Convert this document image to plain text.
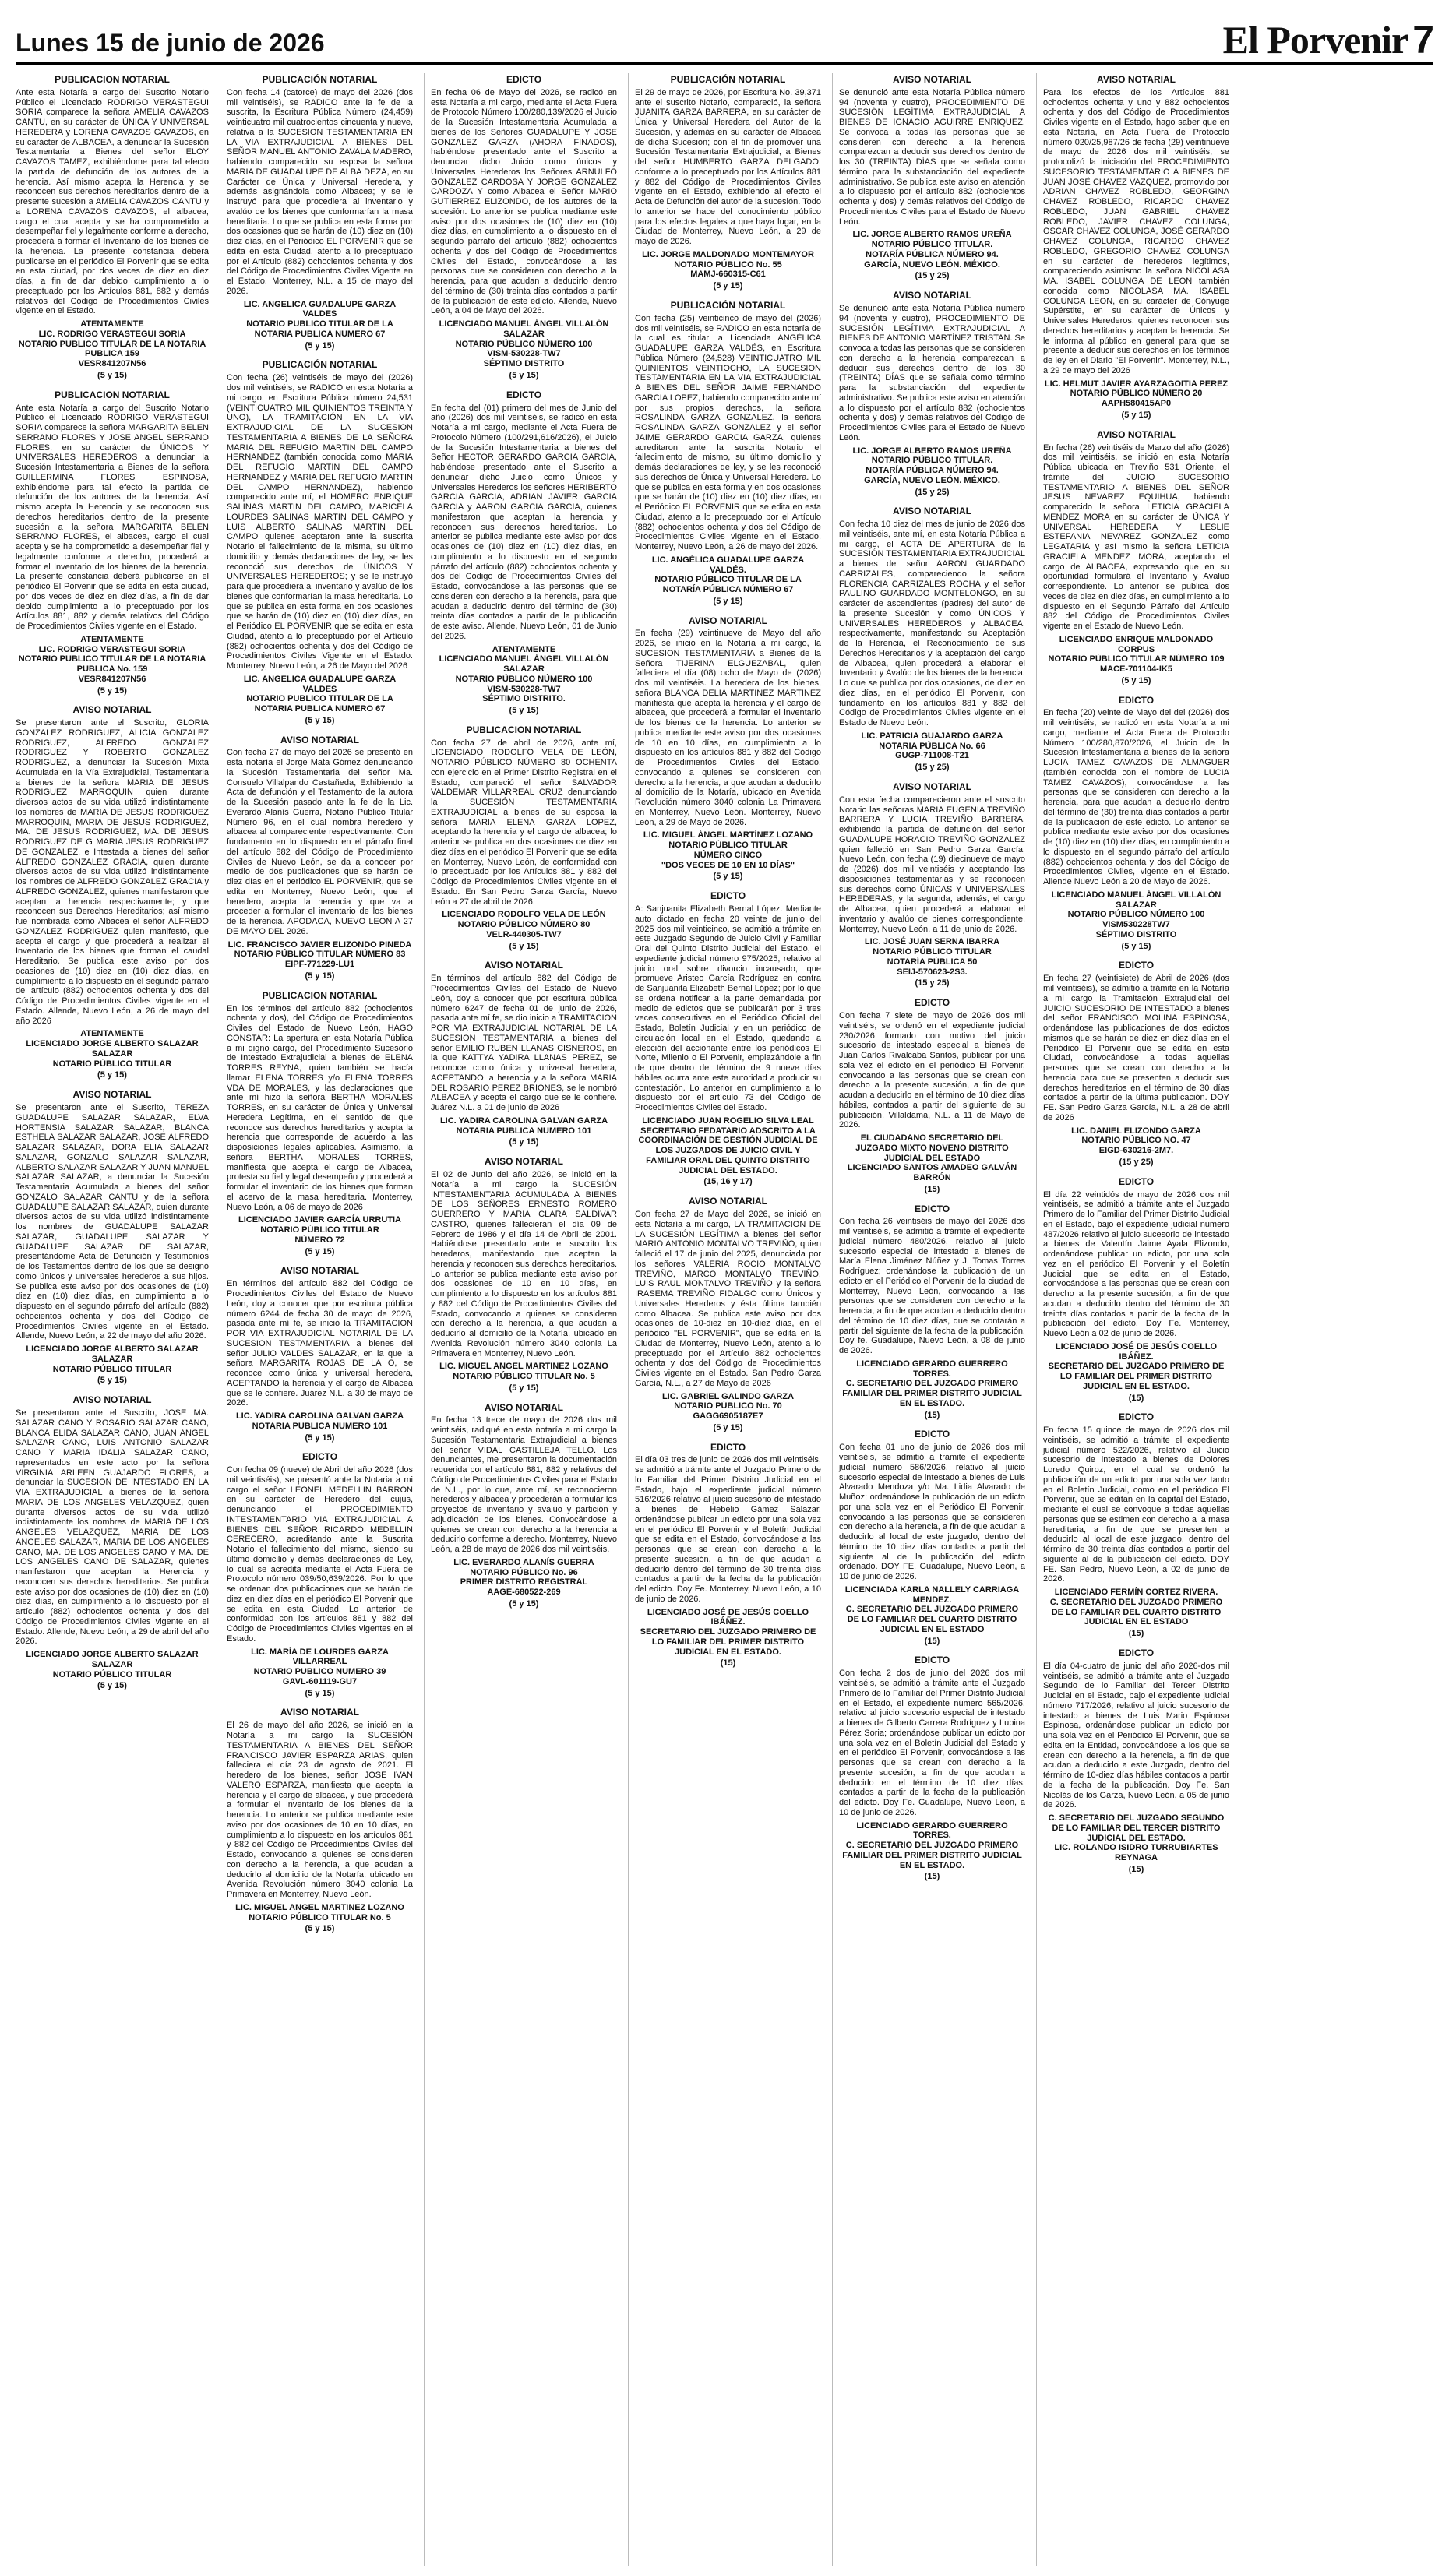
Lunes 15 de junio de 2026	El Porvenir 7
PUBLICACION NOTARIAL
Ante esta Notaría a cargo del Suscrito Notario Público el Licenciado RODRIGO VERASTEGUI SORIA comparece la señora AMELIA CAVAZOS CANTU, en su carácter de ÚNICA Y UNIVERSAL HEREDERA y LORENA CAVAZOS CAVAZOS, en su carácter de ALBACEA, a denunciar la Sucesión Testamentaria a Bienes del señor ELOY CAVAZOS TAMEZ, exhibiéndome para tal efecto la partida de defunción de los autores de la herencia. Así mismo acepta la Herencia y se reconocen sus derechos hereditarios dentro de la presente sucesión a AMELIA CAVAZOS CANTU y a LORENA CAVAZOS CAVAZOS, el albacea, cargo el cual acepta y se ha comprometido a desempeñar fiel y legalmente conforme a derecho, procederá a formar el Inventario de los bienes de la herencia. La presente constancia deberá publicarse en el periódico El Porvenir que se edita en esta ciudad, por dos veces de diez en diez días, a fin de dar debido cumplimiento a lo preceptuado por los Artículos 881, 882 y demás relativos del Código de Procedimientos Civiles vigente en el Estado.
ATENTAMENTE
LIC. RODRIGO VERASTEGUI SORIA
NOTARIO PUBLICO TITULAR DE LA NOTARIA PUBLICA 159
VESR841207N56
(5 y 15)
PUBLICACION NOTARIAL
Ante esta Notaría a cargo del Suscrito Notario Público el Licenciado RODRIGO VERASTEGUI SORIA comparece la señora MARGARITA BELEN SERRANO FLORES Y JOSE ANGEL SERRANO FLORES, en su carácter de ÚNICOS Y UNIVERSALES HEREDEROS a denunciar la Sucesión Intestamentaria a Bienes de la señora GUILLERMINA FLORES ESPINOSA, exhibiéndome para tal efecto la partida de defunción de los autores de la herencia. Así mismo acepta la Herencia y se reconocen sus derechos hereditarios dentro de la presente sucesión a la señora MARGARITA BELEN SERRANO FLORES, el albacea, cargo el cual acepta y se ha comprometido a desempeñar fiel y legalmente conforme a derecho, procederá a formar el Inventario de los bienes de la herencia. La presente constancia deberá publicarse en el periódico El Porvenir que se edita en esta ciudad, por dos veces de diez en diez días, a fin de dar debido cumplimiento a lo preceptuado por los Artículos 881, 882 y demás relativos del Código de Procedimientos Civiles vigente en el Estado.
ATENTAMENTE
LIC. RODRIGO VERASTEGUI SORIA
NOTARIO PUBLICO TITULAR DE LA NOTARIA PUBLICA No. 159
VESR841207N56
(5 y 15)
AVISO NOTARIAL
Se presentaron ante el Suscrito, GLORIA GONZALEZ RODRIGUEZ, ALICIA GONZALEZ RODRIGUEZ, ALFREDO GONZALEZ RODRIGUEZ Y ROBERTO GONZALEZ RODRIGUEZ, a denunciar la Sucesión Mixta Acumulada en la Vía Extrajudicial, Testamentaria a bienes de la señora MARIA DE JESUS RODRIGUEZ MARROQUIN quien durante diversos actos de su vida utilizó indistintamente los nombres de MARIA DE JESUS RODRIGUEZ MARROQUIN, MARIA DE JESUS RODRIGUEZ, MA. DE JESUS RODRIGUEZ, MA. DE JESUS RODRIGUEZ DE G MARIA JESUS RODRIGUEZ DE GONZALEZ, e Intestada a bienes del señor ALFREDO GONZALEZ GRACIA, quien durante diversos actos de su vida utilizó indistintamente los nombres de ALFREDO GONZALEZ GRACIA y ALFREDO GONZALEZ, quienes manifestaron que aceptan la herencia respectivamente; y que reconocen sus Derechos Hereditarios; así mismo fue nombrada como Albacea el señor ALFREDO GONZALEZ RODRIGUEZ quien manifestó, que acepta el cargo y que procederá a realizar el Inventario de los bienes que forman el caudal Hereditario. Se publica este aviso por dos ocasiones de (10) diez en (10) diez días, en cumplimiento a lo dispuesto en el segundo párrafo del artículo (882) ochocientos ochenta y dos del Código de Procedimientos Civiles vigente en el Estado. Allende, Nuevo León, a 26 de mayo del año 2026
ATENTAMENTE
LICENCIADO JORGE ALBERTO SALAZAR SALAZAR
NOTARIO PÚBLICO TITULAR
(5 y 15)
AVISO NOTARIAL
Se presentaron ante el Suscrito, TEREZA GUADALUPE SALAZAR SALAZAR, ELVA HORTENSIA SALAZAR SALAZAR, BLANCA ESTHELA SALAZAR SALAZAR, JOSE ALFREDO SALAZAR SALAZAR, DORA ELIA SALAZAR SALAZAR, GONZALO SALAZAR SALAZAR, ALBERTO SALAZAR SALAZAR Y JUAN MANUEL SALAZAR SALAZAR, a denunciar la Sucesión Testamentaria Acumulada a bienes del señor GONZALO SALAZAR CANTU y de la señora GUADALUPE SALAZAR SALAZAR, quien durante diversos actos de su vida utilizó indistintamente los nombres de GUADALUPE SALAZAR SALAZAR, GUADALUPE SALAZAR Y GUADALUPE SALAZAR DE SALAZAR, presentándome Acta de Defunción y Testimonios de los Testamentos dentro de los que se designó como únicos y universales herederos a sus hijos. Se publica este aviso por dos ocasiones de (10) diez en (10) diez días, en cumplimiento a lo dispuesto en el segundo párrafo del artículo (882) ochocientos ochenta y dos del Código de Procedimientos Civiles vigente en el Estado. Allende, Nuevo León, a 22 de mayo del año 2026.
LICENCIADO JORGE ALBERTO SALAZAR SALAZAR
NOTARIO PÚBLICO TITULAR
(5 y 15)
AVISO NOTARIAL
Se presentaron ante el Suscrito, JOSE MA. SALAZAR CANO Y ROSARIO SALAZAR CANO, BLANCA ELIDA SALAZAR CANO, JUAN ANGEL SALAZAR CANO, LUIS ANTONIO SALAZAR CANO Y MARIA IDALIA SALAZAR CANO, representados en este acto por la señora VIRGINIA ARLEEN GUAJARDO FLORES, a denunciar la SUCESION DE INTESTADO EN LA VIA EXTRAJUDICIAL a bienes de la señora MARIA DE LOS ANGELES VELAZQUEZ, quien durante diversos actos de su vida utilizó indistintamente los nombres de MARIA DE LOS ANGELES VELAZQUEZ, MARIA DE LOS ANGELES SALAZAR, MARIA DE LOS ANGELES CANO, MA. DE LOS ANGELES CANO Y MA. DE LOS ANGELES CANO DE SALAZAR, quienes manifestaron que aceptan la Herencia y reconocen sus derechos hereditarios. Se publica este aviso por dos ocasiones de (10) diez en (10) diez días, en cumplimiento a lo dispuesto por el artículo (882) ochocientos ochenta y dos del Código de Procedimientos Civiles vigente en el Estado. Allende, Nuevo León, a 29 de abril del año 2026.
LICENCIADO JORGE ALBERTO SALAZAR SALAZAR
NOTARIO PÚBLICO TITULAR
(5 y 15)
PUBLICACIÓN NOTARIAL
Con fecha 14 (catorce) de mayo del 2026 (dos mil veintiséis), se RADICO ante la fe de la suscrita, la Escritura Pública Número (24,459) veinticuatro mil cuatrocientos cincuenta y nueve, relativa a la SUCESION TESTAMENTARIA EN LA VIA EXTRAJUDICIAL A BIENES DEL SEÑOR MANUEL ANTONIO ZAVALA MADERO, habiendo comparecido su esposa la señora MARIA DE GUADALUPE DE ALBA DEZA, en su Carácter de Única y Universal Heredera, y además asignándola como Albacea; y se le instruyó para que procediera al inventario y avalúo de los bienes que conformarían la masa hereditaria. Lo que se publica en esta forma por dos ocasiones que se harán de (10) diez en (10) diez días, en el Periódico EL PORVENIR que se edita en esta Ciudad, atento a lo preceptuado por el Artículo (882) ochocientos ochenta y dos del Código de Procedimientos Civiles Vigente en el Estado. Monterrey, N.L. a 15 de mayo del 2026.
LIC. ANGELICA GUADALUPE GARZA VALDES
NOTARIO PUBLICO TITULAR DE LA NOTARIA PUBLICA NUMERO 67
(5 y 15)
PUBLICACIÓN NOTARIAL
Con fecha (26) veintiséis de mayo del (2026) dos mil veintiséis, se RADICO en esta Notaría a mi cargo, en Escritura Pública número 24,531 (VEINTICUATRO MIL QUINIENTOS TREINTA Y UNO), LA TRAMITACIÓN EN LA VIA EXTRAJUDICIAL DE LA SUCESION TESTAMENTARIA A BIENES DE LA SEÑORA MARIA DEL REFUGIO MARTIN DEL CAMPO HERNANDEZ (también conocida como MARIA DEL REFUGIO MARTIN DEL CAMPO HERNANDEZ y MARIA DEL REFUGIO MARTIN DEL CAMPO HERNANDEZ), habiendo comparecido ante mí, el HOMERO ENRIQUE SALINAS MARTIN DEL CAMPO, MARICELA LOURDES SALINAS MARTIN DEL CAMPO y LUIS ALBERTO SALINAS MARTIN DEL CAMPO quienes aceptaron ante la suscrita Notario el fallecimiento de la misma, su último domicilio y demás declaraciones de ley, se les reconoció sus derechos de ÚNICOS Y UNIVERSALES HEREDEROS; y se le instruyó para que procediera al inventario y avalúo de los bienes que conformarían la masa hereditaria. Lo que se publica en esta forma en dos ocasiones que se harán de (10) diez en (10) diez días, en el Periódico EL PORVENIR que se edita en esta Ciudad, atento a lo preceptuado por el Artículo (882) ochocientos ochenta y dos del Código de Procedimientos Civiles Vigente en el Estado. Monterrey, Nuevo León, a 26 de Mayo del 2026
LIC. ANGELICA GUADALUPE GARZA VALDES
NOTARIO PUBLICO TITULAR DE LA NOTARIA PUBLICA NUMERO 67
(5 y 15)
AVISO NOTARIAL
Con fecha 27 de mayo del 2026 se presentó en esta notaría el Jorge Mata Gómez denunciando la Sucesión Testamentaria del señor Ma. Consuelo Villalpando Castañeda, Exhibiendo la Acta de defunción y el Testamento de la autora de la Sucesión pasado ante la fe de la Lic. Everardo Alanís Guerra, Notario Público Titular Número 96, en el cual nombra heredero y albacea al compareciente respectivamente. Con fundamento en lo dispuesto en el párrafo final del artículo 882 del Código de Procedimiento Civiles de Nuevo León, se da a conocer por medio de dos publicaciones que se harán de diez días en el periódico EL PORVENIR, que se edita en Monterrey, Nuevo León, que el heredero, acepta la herencia y que va a proceder a formular el inventario de los bienes de la herencia. APODACA, NUEVO LEON A 27 DE MAYO DEL 2026.
LIC. FRANCISCO JAVIER ELIZONDO PINEDA
NOTARIO PÚBLICO TITULAR NÚMERO 83
EIPF-771229-LU1
(5 y 15)
PUBLICACION NOTARIAL
En los términos del artículo 882 (ochocientos ochenta y dos), del Código de Procedimientos Civiles del Estado de Nuevo León, HAGO CONSTAR: La apertura en esta Notaría Pública a mi digno cargo, del Procedimiento Sucesorio de Intestado Extrajudicial a bienes de ELENA TORRES REYNA, quien también se hacía llamar ELENA TORRES y/o ELENA TORRES VDA DE MORALES, y las declaraciones que ante mí hizo la señora BERTHA MORALES TORRES, en su carácter de Única y Universal Heredera Legítima, en el sentido de que reconoce sus derechos hereditarios y acepta la herencia que corresponde de acuerdo a las disposiciones legales aplicables. Asimismo, la señora BERTHA MORALES TORRES, manifiesta que acepta el cargo de Albacea, protesta su fiel y legal desempeño y procederá a formular el inventario de los bienes que forman el acervo de la masa hereditaria. Monterrey, Nuevo León, a 06 de mayo de 2026
LICENCIADO JAVIER GARCÍA URRUTIA
NOTARIO PÚBLICO TITULAR
NÚMERO 72
(5 y 15)
AVISO NOTARIAL
En términos del artículo 882 del Código de Procedimientos Civiles del Estado de Nuevo León, doy a conocer que por escritura pública número 6244 de fecha 30 de mayo de 2026, pasada ante mí fe, se inició la TRAMITACION POR VIA EXTRAJUDICIAL NOTARIAL DE LA SUCESION TESTAMENTARIA a bienes del señor JULIO VALDES SALAZAR, en la que la señora MARGARITA ROJAS DE LA O, se reconoce como única y universal heredera, ACEPTANDO la herencia y el cargo de Albacea que se le confiere. Juárez N.L. a 30 de mayo de 2026.
LIC. YADIRA CAROLINA GALVAN GARZA
NOTARIA PUBLICA NUMERO 101
(5 y 15)
EDICTO
Con fecha 09 (nueve) de Abril del año 2026 (dos mil veintiséis), se presentó ante la Notaria a mi cargo el señor LEONEL MEDELLIN BARRON en su carácter de Heredero del cujus, denunciando el PROCEDIMIENTO INTESTAMENTARIO VIA EXTRAJUDICIAL A BIENES DEL SEÑOR RICARDO MEDELLIN CERECERO, acreditando ante la Suscrita Notario el fallecimiento del mismo, siendo su último domicilio y demás declaraciones de Ley, lo cual se acredita mediante el Acta Fuera de Protocolo número 039/50,639/2026. Por lo que se ordenan dos publicaciones que se harán de diez en diez días en el periódico El Porvenir que se edita en esta Ciudad. Lo anterior de conformidad con los artículos 881 y 882 del Código de Procedimientos Civiles vigentes en el Estado.
LIC. MARÍA DE LOURDES GARZA VILLARREAL
NOTARIO PUBLICO NUMERO 39
GAVL-601119-GU7
(5 y 15)
AVISO NOTARIAL
El 26 de mayo del año 2026, se inició en la Notaría a mi cargo la SUCESIÓN TESTAMENTARIA A BIENES DEL SEÑOR FRANCISCO JAVIER ESPARZA ARIAS, quien falleciera el día 23 de agosto de 2021. El heredero de los bienes, señor JOSE IVAN VALERO ESPARZA, manifiesta que acepta la herencia y el cargo de albacea, y que procederá a formular el inventario de los bienes de la herencia. Lo anterior se publica mediante este aviso por dos ocasiones de 10 en 10 días, en cumplimiento a lo dispuesto en los artículos 881 y 882 del Código de Procedimientos Civiles del Estado, convocando a quienes se consideren con derecho a la herencia, a que acudan a deducirlo al domicilio de la Notaría, ubicado en Avenida Revolución número 3040 colonia La Primavera en Monterrey, Nuevo León.
LIC. MIGUEL ANGEL MARTINEZ LOZANO
NOTARIO PÚBLICO TITULAR No. 5
(5 y 15)
EDICTO
En fecha 06 de Mayo del 2026, se radicó en esta Notaría a mi cargo, mediante el Acta Fuera de Protocolo Número 100/280,139/2026 el Juicio de la Sucesión Intestamentaria Acumulada a bienes de los Señores GUADALUPE Y JOSE GONZALEZ GARZA (AHORA FINADOS), habiéndose presentado ante el Suscrito a denunciar dicho Juicio como únicos y Universales Herederos los Señores ARNULFO GONZALEZ CARDOSA Y JORGE GONZALEZ CARDOZA Y como Albacea el Señor MARIO GUTIERREZ ELIZONDO, de los autores de la sucesión. Lo anterior se publica mediante este aviso por dos ocasiones de (10) diez en (10) diez días, en cumplimiento a lo dispuesto en el segundo párrafo del artículo (882) ochocientos ochenta y dos del Código de Procedimientos Civiles del Estado, convocándose a las personas que se consideren con derecho a la herencia, para que acudan a deducirlo dentro del término de (30) treinta días contados a partir de la publicación de este edicto. Allende, Nuevo León, a 04 de Mayo del 2026.
LICENCIADO MANUEL ÁNGEL VILLALÓN SALAZAR
NOTARIO PÚBLICO NÚMERO 100
VISM-530228-TW7
SÉPTIMO DISTRITO
(5 y 15)
EDICTO
En fecha del (01) primero del mes de Junio del año (2026) dos mil veintiséis, se radicó en esta Notaría a mi cargo, mediante el Acta Fuera de Protocolo Número (100/291,616/2026), el Juicio de la Sucesión Intestamentaria a bienes del Señor HECTOR GERARDO GARCIA GARCIA, habiéndose presentado ante el Suscrito a denunciar dicho Juicio como Únicos y Universales Herederos los señores HERIBERTO GARCIA GARCIA, ADRIAN JAVIER GARCIA GARCIA y AARON GARCIA GARCIA, quienes manifestaron que aceptan la herencia y reconocen sus derechos hereditarios. Lo anterior se publica mediante este aviso por dos ocasiones de (10) diez en (10) diez días, en cumplimiento a lo dispuesto en el segundo párrafo del artículo (882) ochocientos ochenta y dos del Código de Procedimientos Civiles del Estado, convocándose a las personas que se consideren con derecho a la herencia, para que acudan a deducirlo dentro del término de (30) treinta días contados a partir de la publicación de este aviso. Allende, Nuevo León, 01 de Junio del 2026.
ATENTAMENTE
LICENCIADO MANUEL ÁNGEL VILLALÓN SALAZAR
NOTARIO PÚBLICO NÚMERO 100
VISM-530228-TW7
SÉPTIMO DISTRITO.
(5 y 15)
PUBLICACION NOTARIAL
Con fecha 27 de abril de 2026, ante mí, LICENCIADO RODOLFO VELA DE LEÓN, NOTARIO PÚBLICO NÚMERO 80 OCHENTA con ejercicio en el Primer Distrito Registral en el Estado, compareció el señor SALVADOR VALDEMAR VILLARREAL CRUZ denunciando la SUCESIÓN TESTAMENTARIA EXTRAJUDICIAL a bienes de su esposa la señora MARIA ELENA GARZA LOPEZ, aceptando la herencia y el cargo de albacea; lo anterior se publica en dos ocasiones de diez en diez días en el periódico El Porvenir que se edita en Monterrey, Nuevo León, de conformidad con lo preceptuado por los Artículos 881 y 882 del Código de Procedimientos Civiles vigente en el Estado. En San Pedro Garza García, Nuevo León a 27 de abril de 2026.
LICENCIADO RODOLFO VELA DE LEÓN
NOTARIO PÚBLICO NÚMERO 80
VELR-440305-TW7
(5 y 15)
AVISO NOTARIAL
En términos del artículo 882 del Código de Procedimientos Civiles del Estado de Nuevo León, doy a conocer que por escritura pública número 6247 de fecha 01 de junio de 2026, pasada ante mí fe, se dio inicio a TRAMITACION POR VIA EXTRAJUDICIAL NOTARIAL DE LA SUCESION TESTAMENTARIA a bienes del señor EMILIO RUBEN LLANAS CISNEROS, en la que KATTYA YADIRA LLANAS PEREZ, se reconoce como única y universal heredera, ACEPTANDO la herencia y a la señora MARIA DEL ROSARIO PEREZ BRIONES, se le nombró ALBACEA y acepta el cargo que se le confiere. Juárez N.L. a 01 de junio de 2026
LIC. YADIRA CAROLINA GALVAN GARZA
NOTARIA PUBLICA NUMERO 101
(5 y 15)
AVISO NOTARIAL
El 02 de Junio del año 2026, se inició en la Notaría a mi cargo la SUCESIÓN INTESTAMENTARIA ACUMULADA A BIENES DE LOS SEÑORES ERNESTO ROMERO GUERRERO Y MARIA CLARA SALDIVAR CASTRO, quienes fallecieran el día 09 de Febrero de 1986 y el día 14 de Abril de 2001. Habiéndose presentado ante el suscrito los herederos, manifestando que aceptan la herencia y reconocen sus derechos hereditarios. Lo anterior se publica mediante este aviso por dos ocasiones de 10 en 10 días, en cumplimiento a lo dispuesto en los artículos 881 y 882 del Código de Procedimientos Civiles del Estado, convocando a quienes se consideren con derecho a la herencia, a que acudan a deducirlo al domicilio de la Notaría, ubicado en Avenida Revolución número 3040 colonia La Primavera en Monterrey, Nuevo León.
LIC. MIGUEL ANGEL MARTINEZ LOZANO
NOTARIO PÚBLICO TITULAR No. 5
(5 y 15)
AVISO NOTARIAL
En fecha 13 trece de mayo de 2026 dos mil veintiséis, radiqué en esta notaría a mi cargo la Sucesión Testamentaria Extrajudicial a bienes del señor VIDAL CASTILLEJA TELLO. Los denunciantes, me presentaron la documentación requerida por el artículo 881, 882 y relativos del Código de Procedimientos Civiles para el Estado de N.L., por lo que, ante mí, se reconocieron herederos y albacea y procederán a formular los proyectos de inventario y avalúo y partición y adjudicación de los bienes. Convocándose a quienes se crean con derecho a la herencia a deducirlo conforme a derecho. Monterrey, Nuevo León, a 28 de mayo de 2026 dos mil veintiséis.
LIC. EVERARDO ALANÍS GUERRA
NOTARIO PÚBLICO No. 96
PRIMER DISTRITO REGISTRAL
AAGE-680522-269
(5 y 15)
PUBLICACIÓN NOTARIAL
El 29 de mayo de 2026, por Escritura No. 39,371 ante el suscrito Notario, compareció, la señora JUANITA GARZA BARRERA, en su carácter de Única y Universal Heredera del Autor de la Sucesión, y además en su carácter de Albacea de dicha Sucesión; con el fin de promover una Sucesión Testamentaria Extrajudicial, a Bienes del señor HUMBERTO GARZA DELGADO, conforme a lo preceptuado por los Artículos 881 y 882 del Código de Procedimientos Civiles vigente en el Estado, exhibiendo al efecto el Acta de Defunción del autor de la sucesión. Todo lo anterior se hace del conocimiento público para los efectos legales a que haya lugar, en la Ciudad de Monterrey, Nuevo León, a 29 de mayo de 2026.
LIC. JORGE MALDONADO MONTEMAYOR
NOTARIO PÚBLICO No. 55
MAMJ-660315-C61
(5 y 15)
PUBLICACIÓN NOTARIAL
Con fecha (25) veinticinco de mayo del (2026) dos mil veintiséis, se RADICO en esta notaría de la cual es titular la Licenciada ANGÉLICA GUADALUPE GARZA VALDÉS, en Escritura Pública Número (24,528) VEINTICUATRO MIL QUINIENTOS VEINTIOCHO, LA SUCESION TESTAMENTARIA EN LA VIA EXTRAJUDICIAL A BIENES DEL SEÑOR JAIME FERNANDO GARCIA LOPEZ, habiendo comparecido ante mí por sus propios derechos, la señora ROSALINDA GARZA GONZALEZ, la señora ROSALINDA GARZA GONZALEZ y el señor JAIME GERARDO GARCIA GARZA, quienes acreditaron ante la suscrita Notario el fallecimiento de mismo, su último domicilio y demás declaraciones de ley, y se les reconoció sus derechos de Única y Universal Heredera. Lo que se publica en esta forma y en dos ocasiones que se harán de (10) diez en (10) diez días, en el Periódico EL PORVENIR que se edita en esta Ciudad, atento a lo preceptuado por el Artículo (882) ochocientos ochenta y dos del Código de Procedimientos Civiles vigente en el Estado. Monterrey, Nuevo León, a 26 de mayo del 2026.
LIC. ANGÉLICA GUADALUPE GARZA VALDÉS.
NOTARIO PÚBLICO TITULAR DE LA NOTARÍA PÚBLICA NÚMERO 67
(5 y 15)
AVISO NOTARIAL
En fecha (29) veintinueve de Mayo del año 2026, se inició en la Notaría a mi cargo, la SUCESION TESTAMENTARIA a Bienes de la Señora TIJERINA ELGUEZABAL, quien falleciera el día (08) ocho de Mayo de (2026) dos mil veintiséis. La heredera de los bienes, señora BLANCA DELIA MARTINEZ MARTINEZ manifiesta que acepta la herencia y el cargo de albacea, que procederá a formular el inventario de los bienes de la herencia. Lo anterior se publica mediante este aviso por dos ocasiones de 10 en 10 días, en cumplimiento a lo dispuesto en los artículos 881 y 882 del Código de Procedimientos Civiles del Estado, convocando a quienes se consideren con derecho a la herencia, a que acudan a deducirlo al domicilio de la Notaría, ubicado en Avenida Revolución número 3040 colonia La Primavera en Monterrey, Nuevo León. Monterrey, Nuevo León, a 29 de Mayo de 2026.
LIC. MIGUEL ÁNGEL MARTÍNEZ LOZANO
NOTARIO PÚBLICO TITULAR
NÚMERO CINCO
"DOS VECES DE 10 EN 10 DÍAS"
(5 y 15)
EDICTO
A: Sanjuanita Elizabeth Bernal López. Mediante auto dictado en fecha 20 veinte de junio del 2025 dos mil veinticinco, se admitió a trámite en este Juzgado Segundo de Juicio Civil y Familiar Oral del Quinto Distrito Judicial del Estado, el expediente judicial número 975/2025, relativo al juicio oral sobre divorcio incausado, que promueve Aristeo García Rodríguez en contra de Sanjuanita Elizabeth Bernal López; por lo que se ordena notificar a la parte demandada por medio de edictos que se publicarán por 3 tres veces consecutivas en el Periódico Oficial del Estado, Boletín Judicial y en un periódico de circulación local en el Estado, quedando a elección del accionante entre los periódicos El Norte, Milenio o El Porvenir, emplazándole a fin de que dentro del término de 9 nueve días hábiles ocurra ante este autoridad a producir su contestación. Lo anterior en cumplimiento a lo dispuesto por el artículo 73 del Código de Procedimientos Civiles del Estado.
LICENCIADO JUAN ROGELIO SILVA LEAL
SECRETARIO FEDATARIO ADSCRITO A LA COORDINACIÓN DE GESTIÓN JUDICIAL DE LOS JUZGADOS DE JUICIO CIVIL Y FAMILIAR ORAL DEL QUINTO DISTRITO JUDICIAL DEL ESTADO.
(15, 16 y 17)
AVISO NOTARIAL
Con fecha 27 de Mayo del 2026, se inició en esta Notaría a mi cargo, LA TRAMITACION DE LA SUCESIÓN LEGÍTIMA a bienes del señor MARIO ANTONIO MONTALVO TREVIÑO, quien falleció el 17 de junio del 2025, denunciada por los señores VALERIA ROCIO MONTALVO TREVIÑO, MARCO MONTALVO TREVIÑO, LUIS RAUL MONTALVO TREVIÑO y la señora IRASEMA TREVIÑO FIDALGO como Únicos y Universales Herederos y ésta última también como Albacea. Se publica este aviso por dos ocasiones de 10-diez en 10-diez días, en el periódico "EL PORVENIR", que se edita en la Ciudad de Monterrey, Nuevo León, atento a lo preceptuado por el Artículo 882 ochocientos ochenta y dos del Código de Procedimientos Civiles vigente en el Estado. San Pedro Garza García, N.L., a 27 de Mayo de 2026
LIC. GABRIEL GALINDO GARZA
NOTARIO PÚBLICO No. 70
GAGG6905187E7
(5 y 15)
EDICTO
El día 03 tres de junio de 2026 dos mil veintiséis, se admitió a trámite ante el Juzgado Primero de lo Familiar del Primer Distrito Judicial en el Estado, bajo el expediente judicial número 516/2026 relativo al juicio sucesorio de intestado a bienes de Hebelio Gámez Salazar, ordenándose publicar un edicto por una sola vez en el periódico El Porvenir y el Boletín Judicial que se edita en el Estado, convocándose a las personas que se crean con derecho a la presente sucesión, a fin de que acudan a deducirlo dentro del término de 30 treinta días contados a partir de la fecha de la publicación del edicto. Doy Fe. Monterrey, Nuevo León, a 10 de junio de 2026.
LICENCIADO JOSÉ DE JESÚS COELLO IBÁÑEZ.
SECRETARIO DEL JUZGADO PRIMERO DE LO FAMILIAR DEL PRIMER DISTRITO JUDICIAL EN EL ESTADO.
(15)
AVISO NOTARIAL
Se denunció ante esta Notaría Pública número 94 (noventa y cuatro), PROCEDIMIENTO DE SUCESIÓN LEGÍTIMA EXTRAJUDICIAL A BIENES DE IGNACIO AGUIRRE ENRIQUEZ. Se convoca a todas las personas que se consideren con derecho a la herencia comparezcan a deducir sus derechos dentro de los 30 (TREINTA) DÍAS que se señala como término para la substanciación del expediente administrativo. Se publica este aviso en atención a lo dispuesto por el artículo 882 (ochocientos ochenta y dos) y demás relativos del Código de Procedimientos Civiles para el Estado de Nuevo León.
LIC. JORGE ALBERTO RAMOS UREÑA
NOTARIO PÚBLICO TITULAR.
NOTARÍA PÚBLICA NÚMERO 94.
GARCÍA, NUEVO LEÓN. MÉXICO.
(15 y 25)
AVISO NOTARIAL
Se denunció ante esta Notaría Pública número 94 (noventa y cuatro), PROCEDIMIENTO DE SUCESIÓN LEGÍTIMA EXTRAJUDICIAL A BIENES DE ANTONIO MARTÍNEZ TRISTAN. Se convoca a todas las personas que se consideren con derecho a la herencia comparezcan a deducir sus derechos dentro de los 30 (TREINTA) DÍAS que se señala como término para la substanciación del expediente administrativo. Se publica este aviso en atención a lo dispuesto por el artículo 882 (ochocientos ochenta y dos) y demás relativos del Código de Procedimientos Civiles para el Estado de Nuevo León.
LIC. JORGE ALBERTO RAMOS UREÑA
NOTARIO PÚBLICO TITULAR.
NOTARÍA PÚBLICA NÚMERO 94.
GARCÍA, NUEVO LEÓN. MÉXICO.
(15 y 25)
AVISO NOTARIAL
Con fecha 10 diez del mes de junio de 2026 dos mil veintiséis, ante mí, en esta Notaría Pública a mi cargo, el ACTA DE APERTURA de la SUCESIÓN TESTAMENTARIA EXTRAJUDICIAL a bienes del señor AARON GUARDADO CARRIZALES, compareciendo la señora FLORENCIA CARRIZALES ROCHA y el señor PAULINO GUARDADO MONTELONGO, en su carácter de ascendientes (padres) del autor de la presente Sucesión y como ÚNICOS Y UNIVERSALES HEREDEROS y ALBACEA, respectivamente, manifestando su Aceptación de la Herencia, el Reconocimiento de sus Derechos Hereditarios y la aceptación del cargo de Albacea, quien procederá a elaborar el Inventario y Avalúo de los bienes de la herencia. Lo que se publica por dos ocasiones, de diez en diez días, en el periódico El Porvenir, con fundamento en los artículos 881 y 882 del Código de Procedimientos Civiles vigente en el Estado de Nuevo León.
LIC. PATRICIA GUAJARDO GARZA
NOTARIA PÚBLICA No. 66
GUGP-711008-T21
(15 y 25)
AVISO NOTARIAL
Con esta fecha comparecieron ante el suscrito Notario las señoras MARIA EUGENIA TREVIÑO BARRERA Y LUCIA TREVIÑO BARRERA, exhibiendo la partida de defunción del señor GUADALUPE HORACIO TREVIÑO GONZALEZ quien falleció en San Pedro Garza García, Nuevo León, con fecha (19) diecinueve de mayo de (2026) dos mil veintiséis y aceptando las disposiciones testamentarias y se reconocen sus derechos como ÚNICAS Y UNIVERSALES HEREDERAS, y la segunda, además, el cargo de Albacea, quien procederá a elaborar el inventario y avalúo de bienes correspondiente. Monterrey, Nuevo León, a 11 de junio de 2026.
LIC. JOSÉ JUAN SERNA IBARRA
NOTARIO PÚBLICO TITULAR
NOTARÍA PÚBLICA 50
SEIJ-570623-2S3.
(15 y 25)
EDICTO
Con fecha 7 siete de mayo de 2026 dos mil veintiséis, se ordenó en el expediente judicial 230/2026 formado con motivo del juicio sucesorio de intestado especial a bienes de Juan Carlos Rivalcaba Santos, publicar por una sola vez el edicto en el periódico El Porvenir, convocando a las personas que se crean con derecho a la presente sucesión, a fin de que acudan a deducirlo en el término de 10 diez días hábiles, contados a partir del siguiente de su publicación. Villaldama, N.L. a 11 de Mayo de 2026.
EL CIUDADANO SECRETARIO DEL JUZGADO MIXTO NOVENO DISTRITO JUDICIAL DEL ESTADO
LICENCIADO SANTOS AMADEO GALVÁN BARRÓN
(15)
EDICTO
Con fecha 26 veintiséis de mayo del 2026 dos mil veintiséis, se admitió a trámite el expediente judicial número 480/2026, relativo al juicio sucesorio especial de intestado a bienes de María Elena Jiménez Núñez y J. Tomas Torres Rodríguez; ordenándose la publicación de un edicto en el Periódico el Porvenir de la ciudad de Monterrey, Nuevo León, convocando a las personas que se consideren con derecho a la herencia, a fin de que acudan a deducirlo dentro del término de 10 diez días, que se contarán a partir del siguiente de la fecha de la publicación. Doy fe. Guadalupe, Nuevo León, a 08 de junio de 2026.
LICENCIADO GERARDO GUERRERO TORRES.
C. SECRETARIO DEL JUZGADO PRIMERO FAMILIAR DEL PRIMER DISTRITO JUDICIAL EN EL ESTADO.
(15)
EDICTO
Con fecha 01 uno de junio de 2026 dos mil veintiséis, se admitió a trámite el expediente judicial número 586/2026, relativo al juicio sucesorio especial de intestado a bienes de Luis Alvarado Mendoza y/o Ma. Lidia Alvarado de Muñoz; ordenándose la publicación de un edicto por una sola vez en el Periódico El Porvenir, convocando a las personas que se consideren con derecho a la herencia, a fin de que acudan a deducirlo al local de este juzgado, dentro del término de 10 diez días contados a partir del siguiente al de la publicación del edicto ordenado. DOY FE. Guadalupe, Nuevo León, a 10 de junio de 2026.
LICENCIADA KARLA NALLELY CARRIAGA MENDEZ.
C. SECRETARIO DEL JUZGADO PRIMERO DE LO FAMILIAR DEL CUARTO DISTRITO JUDICIAL EN EL ESTADO
(15)
EDICTO
Con fecha 2 dos de junio del 2026 dos mil veintiséis, se admitió a trámite ante el Juzgado Primero de lo Familiar del Primer Distrito Judicial en el Estado, el expediente número 565/2026, relativo al juicio sucesorio especial de intestado a bienes de Gilberto Carrera Rodríguez y Lupina Pérez Soria; ordenándose publicar un edicto por una sola vez en el Boletín Judicial del Estado y en el periódico El Porvenir, convocándose a las personas que se crean con derecho a la presente sucesión, a fin de que acudan a deducirlo en el término de 10 diez días, contados a partir de la fecha de la publicación del edicto. Doy Fe. Guadalupe, Nuevo León, a 10 de junio de 2026.
LICENCIADO GERARDO GUERRERO TORRES.
C. SECRETARIO DEL JUZGADO PRIMERO FAMILIAR DEL PRIMER DISTRITO JUDICIAL EN EL ESTADO.
(15)
AVISO NOTARIAL
Para los efectos de los Artículos 881 ochocientos ochenta y uno y 882 ochocientos ochenta y dos del Código de Procedimientos Civiles vigente en el Estado, hago saber que en esta Notaría, en Acta Fuera de Protocolo número 020/25,987/26 de fecha (29) veintinueve de mayo de 2026 dos mil veintiséis, se protocolizó la iniciación del PROCEDIMIENTO SUCESORIO TESTAMENTARIO A BIENES DE JUAN JOSÉ CHAVEZ VAZQUEZ, promovido por ADRIAN CHAVEZ ROBLEDO, GEORGINA CHAVEZ ROBLEDO, RICARDO CHAVEZ ROBLEDO, JUAN GABRIEL CHAVEZ ROBLEDO, JAVIER CHAVEZ COLUNGA, OSCAR CHAVEZ COLUNGA, JOSÉ GERARDO CHAVEZ COLUNGA, RICARDO CHAVEZ ROBLEDO, GREGORIO CHAVEZ COLUNGA en su carácter de herederos legítimos, compareciendo asimismo la señora NICOLASA MA. ISABEL COLUNGA DE LEON también conocida como NICOLASA MA. ISABEL COLUNGA LEON, en su carácter de Cónyuge Supérstite, en su carácter de Únicos y Universales Herederos, quienes reconocen sus derechos hereditarios y aceptan la herencia. Se le informa al público en general para que se presente a deducir sus derechos en los términos de ley en el Diario "El Porvenir". Monterrey, N.L., a 29 de mayo del 2026
LIC. HELMUT JAVIER AYARZAGOITIA PEREZ
NOTARIO PÚBLICO NÚMERO 20
AAPH580415AP0
(5 y 15)
AVISO NOTARIAL
En fecha (26) veintiséis de Marzo del año (2026) dos mil veintiséis, se inició en esta Notaría Pública ubicada en Treviño 531 Oriente, el trámite del JUICIO SUCESORIO TESTAMENTARIO A BIENES DEL SEÑOR JESUS NEVAREZ EQUIHUA, habiendo comparecido la señora LETICIA GRACIELA MENDEZ MORA en su carácter de ÚNICA Y UNIVERSAL HEREDERA Y LESLIE ESTEFANIA NEVAREZ GONZALEZ como LEGATARIA y así mismo la señora LETICIA GRACIELA MENDEZ MORA, aceptando el cargo de ALBACEA, expresando que en su oportunidad formulará el Inventario y Avalúo correspondiente. Lo anterior se publica dos veces de diez en diez días, en cumplimiento a lo dispuesto en el Segundo Párrafo del Artículo 882 del Código de Procedimientos Civiles vigente en el Estado de Nuevo León.
LICENCIADO ENRIQUE MALDONADO CORPUS
NOTARIO PÚBLICO TITULAR NÚMERO 109
MACE-701104-IK5
(5 y 15)
EDICTO
En fecha (20) veinte de Mayo del del (2026) dos mil veintiséis, se radicó en esta Notaría a mi cargo, mediante el Acta Fuera de Protocolo Número 100/280,870/2026, el Juicio de la Sucesión Intestamentaria a bienes de la señora LUCIA TAMEZ CAVAZOS DE ALMAGUER (también conocida con el nombre de LUCIA TAMEZ CAVAZOS), convocándose a las personas que se consideren con derecho a la herencia, para que acudan a deducirlo dentro del término de (30) treinta días contados a partir de la publicación de este edicto. Lo anterior se publica mediante este aviso por dos ocasiones de (10) diez en (10) diez días, en cumplimiento a lo dispuesto en el segundo párrafo del artículo (882) ochocientos ochenta y dos del Código de Procedimientos Civiles, vigente en el Estado. Allende Nuevo León a 20 de Mayo de 2026.
LICENCIADO MANUEL ÁNGEL VILLALÓN SALAZAR
NOTARIO PÚBLICO NÚMERO 100
VISM530228TW7
SÉPTIMO DISTRITO
(5 y 15)
EDICTO
En fecha 27 (veintisiete) de Abril de 2026 (dos mil veintiséis), se admitió a trámite en la Notaría a mi cargo la Tramitación Extrajudicial del JUICIO SUCESORIO DE INTESTADO a bienes del señor FRANCISCO MOLINA ESPINOSA, ordenándose las publicaciones de dos edictos mismos que se harán de diez en diez días en el Periódico El Porvenir que se edita en esta Ciudad, convocándose a todas aquellas personas que se crean con derecho a la herencia para que se presenten a deducir sus derechos hereditarios en el término de 30 días contados a partir de la última publicación. DOY FE. San Pedro Garza García, N.L. a 28 de abril de 2026
LIC. DANIEL ELIZONDO GARZA
NOTARIO PÚBLICO NO. 47
EIGD-630216-2M7.
(15 y 25)
EDICTO
El día 22 veintidós de mayo de 2026 dos mil veintiséis, se admitió a trámite ante el Juzgado Primero de lo Familiar del Primer Distrito Judicial en el Estado, bajo el expediente judicial número 487/2026 relativo al juicio sucesorio de intestado a bienes de Valentín Jaime Ayala Elizondo, ordenándose publicar un edicto, por una sola vez en el periódico El Porvenir y el Boletín Judicial que se edita en el Estado, convocándose a las personas que se crean con derecho a la presente sucesión, a fin de que acudan a deducirlo dentro del término de 30 treinta días contados a partir de la fecha de la publicación del edicto. Doy Fe. Monterrey, Nuevo León a 02 de junio de 2026.
LICENCIADO JOSÉ DE JESÚS COELLO IBÁÑEZ.
SECRETARIO DEL JUZGADO PRIMERO DE LO FAMILIAR DEL PRIMER DISTRITO JUDICIAL EN EL ESTADO.
(15)
EDICTO
En fecha 15 quince de mayo de 2026 dos mil veintiséis, se admitió a trámite el expediente judicial número 522/2026, relativo al Juicio sucesorio de intestado a bienes de Dolores Loredo Quiroz, en el cual se ordenó la publicación de un edicto por una sola vez tanto en el Boletín Judicial, como en el periódico El Porvenir, que se editan en la capital del Estado, mediante el cual se convoque a todas aquellas personas que se estimen con derecho a la masa hereditaria, a fin de que se presenten a deducirlo al local de este juzgado, dentro del término de 30 treinta días contados a partir del siguiente al de la publicación del edicto. DOY FE. San Pedro, Nuevo León, a 02 de junio de 2026.
LICENCIADO FERMÍN CORTEZ RIVERA.
C. SECRETARIO DEL JUZGADO PRIMERO DE LO FAMILIAR DEL CUARTO DISTRITO JUDICIAL EN EL ESTADO
(15)
EDICTO
El día 04-cuatro de junio del año 2026-dos mil veintiséis, se admitió a trámite ante el Juzgado Segundo de lo Familiar del Tercer Distrito Judicial en el Estado, bajo el expediente judicial número 717/2026, relativo al juicio sucesorio de intestado a bienes de Luis Mario Espinosa Espinosa, ordenándose publicar un edicto por una sola vez en el Periódico El Porvenir, que se edita en la Entidad, convocándose a los que se crean con derecho a la herencia, a fin de que acudan a deducirlo a este Juzgado, dentro del término de 10-diez días hábiles contados a partir de la fecha de la publicación. Doy Fe. San Nicolás de los Garza, Nuevo León, a 05 de junio de 2026.
C. SECRETARIO DEL JUZGADO SEGUNDO DE LO FAMILIAR DEL TERCER DISTRITO JUDICIAL DEL ESTADO.
LIC. ROLANDO ISIDRO TURRUBIARTES REYNAGA
(15)
